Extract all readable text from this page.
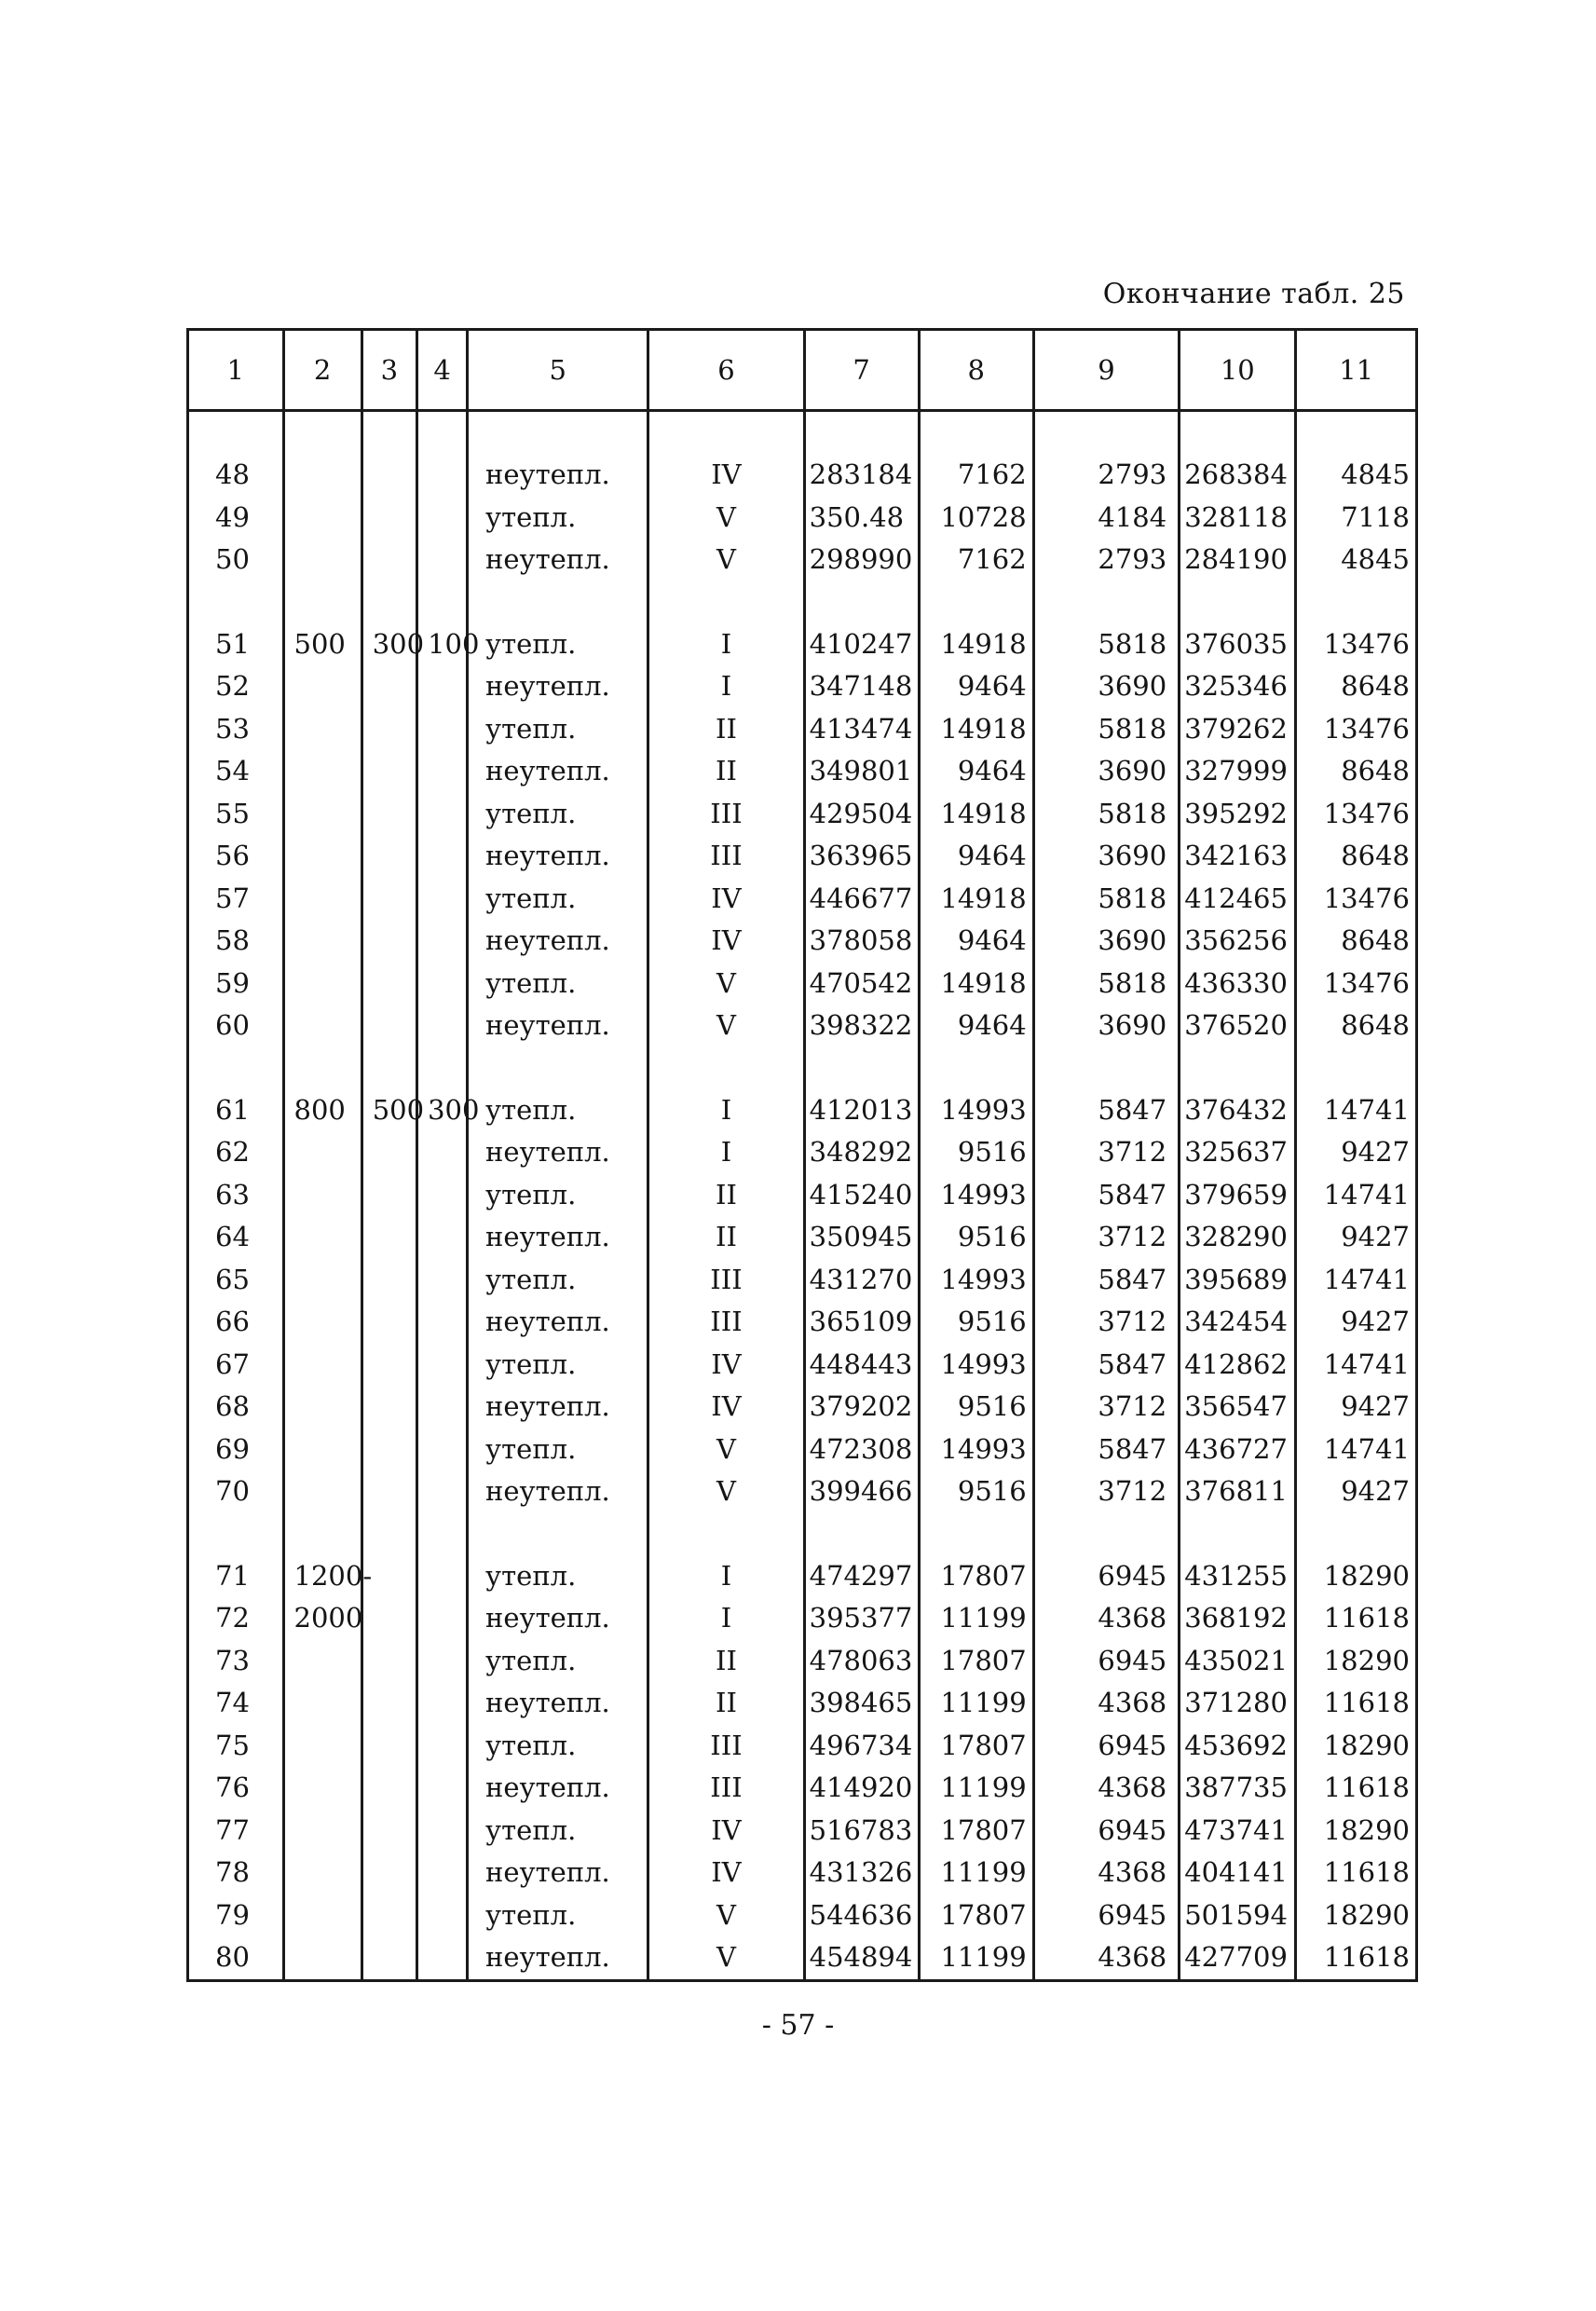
Окончание табл. 25
1	2	3	4	5	6	7	8	9	10	11

48				неутепл.	IV	283184	7162	2793	268384	4845
49				утепл.	V	350.48	10728	4184	328118	7118
50				неутепл.	V	298990	7162	2793	284190	4845

51	500	300	100	утепл.	I	410247	14918	5818	376035	13476
52				неутепл.	I	347148	9464	3690	325346	8648
53				утепл.	II	413474	14918	5818	379262	13476
54				неутепл.	II	349801	9464	3690	327999	8648
55				утепл.	III	429504	14918	5818	395292	13476
56				неутепл.	III	363965	9464	3690	342163	8648
57				утепл.	IV	446677	14918	5818	412465	13476
58				неутепл.	IV	378058	9464	3690	356256	8648
59				утепл.	V	470542	14918	5818	436330	13476
60				неутепл.	V	398322	9464	3690	376520	8648

61	800	500	300	утепл.	I	412013	14993	5847	376432	14741
62				неутепл.	I	348292	9516	3712	325637	9427
63				утепл.	II	415240	14993	5847	379659	14741
64				неутепл.	II	350945	9516	3712	328290	9427
65				утепл.	III	431270	14993	5847	395689	14741
66				неутепл.	III	365109	9516	3712	342454	9427
67				утепл.	IV	448443	14993	5847	412862	14741
68				неутепл.	IV	379202	9516	3712	356547	9427
69				утепл.	V	472308	14993	5847	436727	14741
70				неутепл.	V	399466	9516	3712	376811	9427

71	1200-			утепл.	I	474297	17807	6945	431255	18290
72	2000			неутепл.	I	395377	11199	4368	368192	11618
73				утепл.	II	478063	17807	6945	435021	18290
74				неутепл.	II	398465	11199	4368	371280	11618
75				утепл.	III	496734	17807	6945	453692	18290
76				неутепл.	III	414920	11199	4368	387735	11618
77				утепл.	IV	516783	17807	6945	473741	18290
78				неутепл.	IV	431326	11199	4368	404141	11618
79				утепл.	V	544636	17807	6945	501594	18290
80				неутепл.	V	454894	11199	4368	427709	11618
- 57 -
